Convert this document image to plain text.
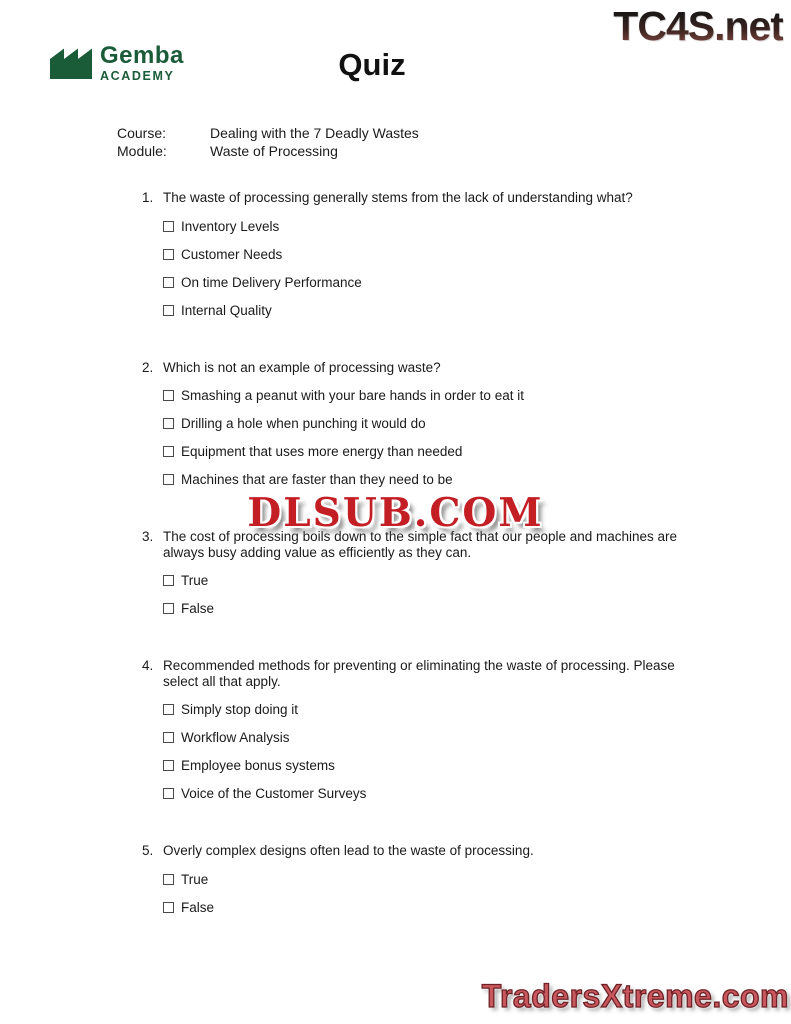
Gemba
ACADEMY	Quiz
TC4S.net
DLSUB.COM
TradersXtreme.com
Course:	Dealing with the 7 Deadly Wastes
Module:	Waste of Processing
1. The waste of processing generally stems from the lack of understanding what?
Inventory Levels
Customer Needs
On time Delivery Performance
Internal Quality
2. Which is not an example of processing waste?
Smashing a peanut with your bare hands in order to eat it
Drilling a hole when punching it would do
Equipment that uses more energy than needed
Machines that are faster than they need to be
3. The cost of processing boils down to the simple fact that our people and machines are always busy adding value as efficiently as they can.
True
False
4. Recommended methods for preventing or eliminating the waste of processing. Please select all that apply.
Simply stop doing it
Workflow Analysis
Employee bonus systems
Voice of the Customer Surveys
5. Overly complex designs often lead to the waste of processing.
True
False
